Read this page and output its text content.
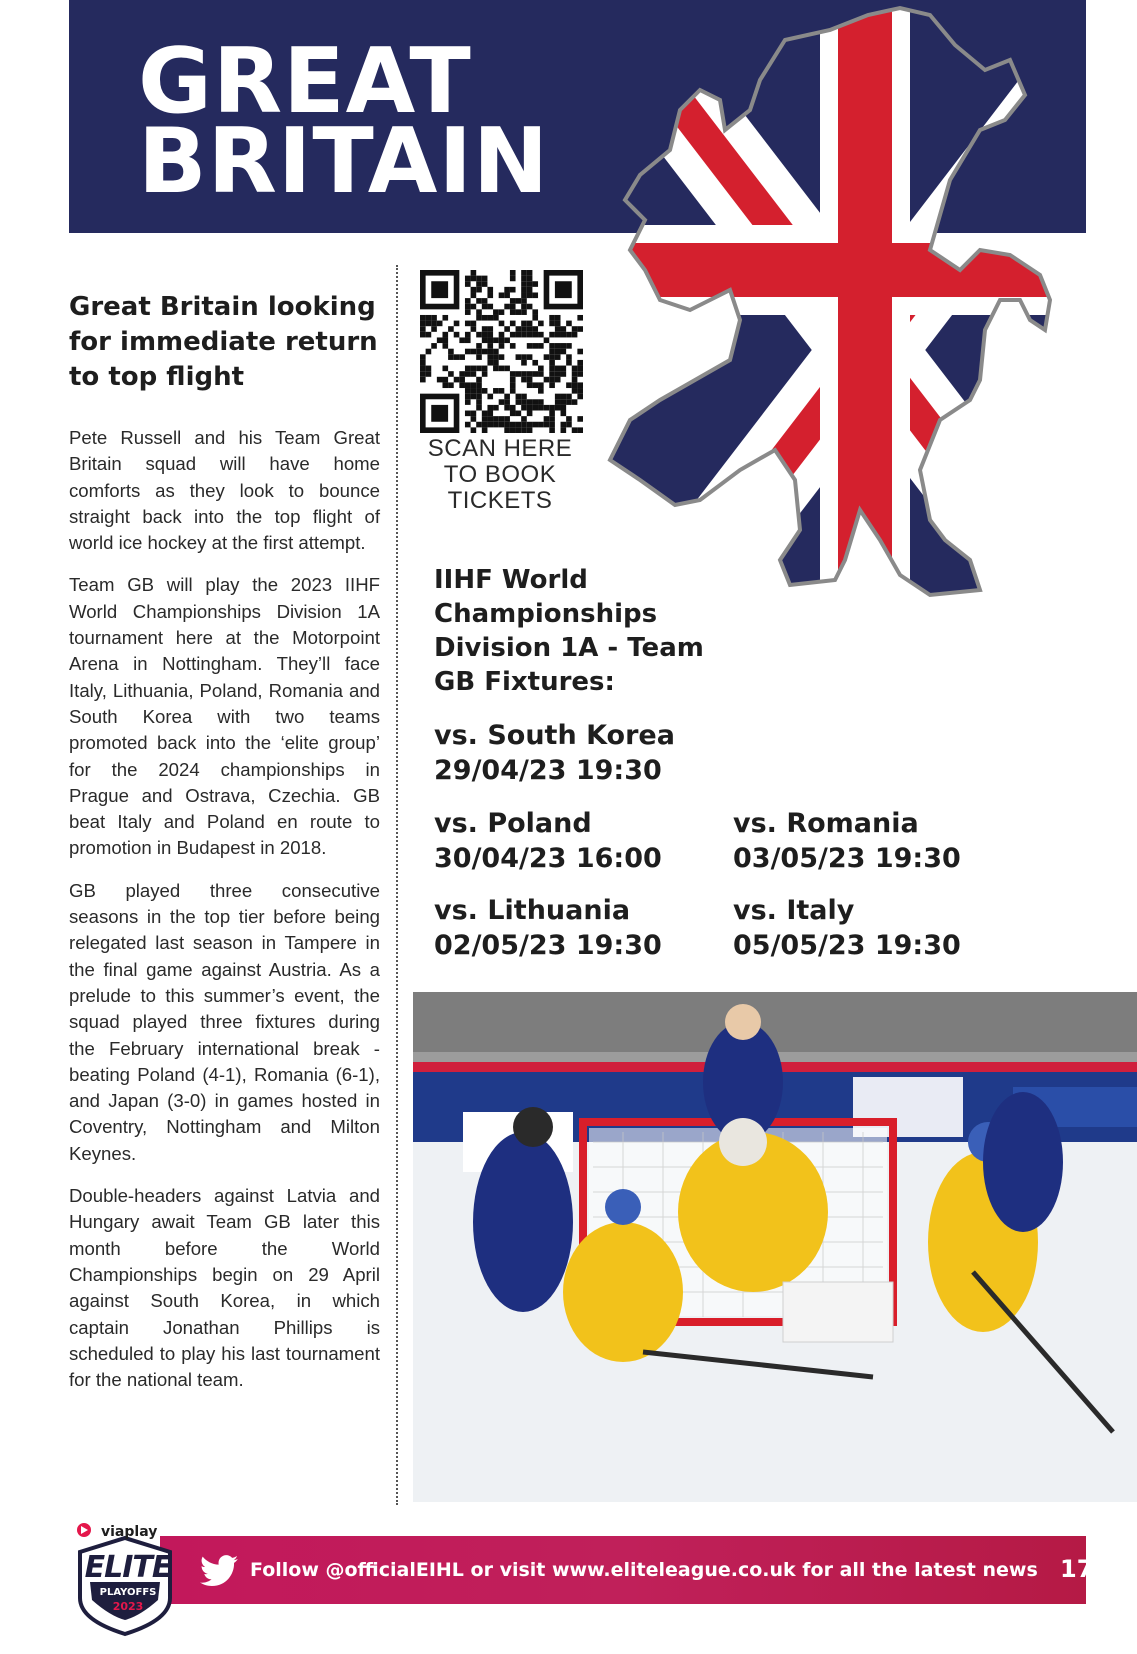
GREAT
BRITAIN
Great Britain looking for immediate return to top flight

Pete Russell and his Team Great Britain squad will have home comforts as they look to bounce straight back into the top flight of world ice hockey at the first attempt.

Team GB will play the 2023 IIHF World Championships Division 1A tournament here at the Motorpoint Arena in Nottingham. They’ll face Italy, Lithuania, Poland, Romania and South Korea with two teams promoted back into the ‘elite group’ for the 2024 championships in Prague and Ostrava, Czechia. GB beat Italy and Poland en route to promotion in Budapest in 2018.

GB played three consecutive seasons in the top tier before being relegated last season in Tampere in the final game against Austria. As a prelude to this summer’s event, the squad played three fixtures during the February international break - beating Poland (4-1), Romania (6-1), and Japan (3-0) in games hosted in Coventry, Nottingham and Milton Keynes.

Double-headers against Latvia and Hungary await Team GB later this month before the World Championships begin on 29 April against South Korea, in which captain Jonathan Phillips is scheduled to play his last tournament for the national team.

SCAN HERE
TO BOOK
TICKETS
IIHF World Championships Division 1A - Team GB Fixtures:
vs. South Korea
29/04/23 19:30
vs. Poland
30/04/23 16:00
vs. Romania
03/05/23 19:30
vs. Lithuania
02/05/23 19:30
vs. Italy
05/05/23 19:30
Follow @officialEIHL or visit www.eliteleague.co.uk for all the latest news 17
viaplay
ELITE
PLAYOFFS
2023
